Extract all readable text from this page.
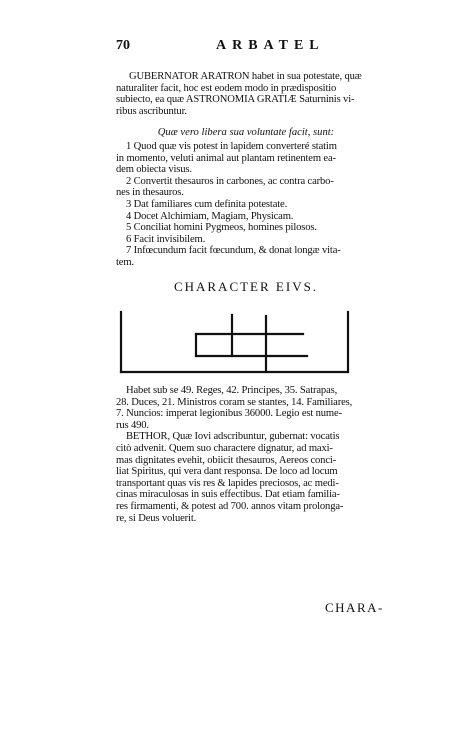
70	ARBATEL
GUBERNATOR ARATRON habet in sua potestate, quæ
naturaliter facit, hoc est eodem modo in prædispositio
subiecto, ea quæ ASTRONOMIA GRATIÆ Saturninis vi-
ribus ascribuntur.
Quæ vero libera sua voluntate facit, sunt:
1 Quod quæ vis potest in lapidem converteré statim
in momento, veluti animal aut plantam retinentem ea-
dem obiecta visus.
2 Convertit thesauros in carbones, ac contra carbo-
nes in thesauros.
3 Dat familiares cum definita potestate.
4 Docet Alchimiam, Magiam, Physicam.
5 Conciliat homini Pygmeos, homines pilosos.
6 Facit invisibilem.
7 Infœcundum facit fœcundum, & donat longæ vita-
tem.
CHARACTER EIVS.
Habet sub se 49. Reges, 42. Principes, 35. Satrapas,
28. Duces, 21. Ministros coram se stantes, 14. Familiares,
7. Nuncios: imperat legionibus 36000. Legio est nume-
rus 490.
BETHOR, Quæ Iovi adscribuntur, gubernat: vocatis
citò advenit. Quem suo charactere dignatur, ad maxi-
mas dignitates evehit, obiicit thesauros, Aereos conci-
liat Spiritus, qui vera dant responsa. De loco ad locum
transportant quas vis res & lapides preciosos, ac medi-
cinas miraculosas in suis effectibus. Dat etiam familia-
res firmamenti, & potest ad 700. annos vitam prolonga-
re, si Deus voluerit.
CHARA-
